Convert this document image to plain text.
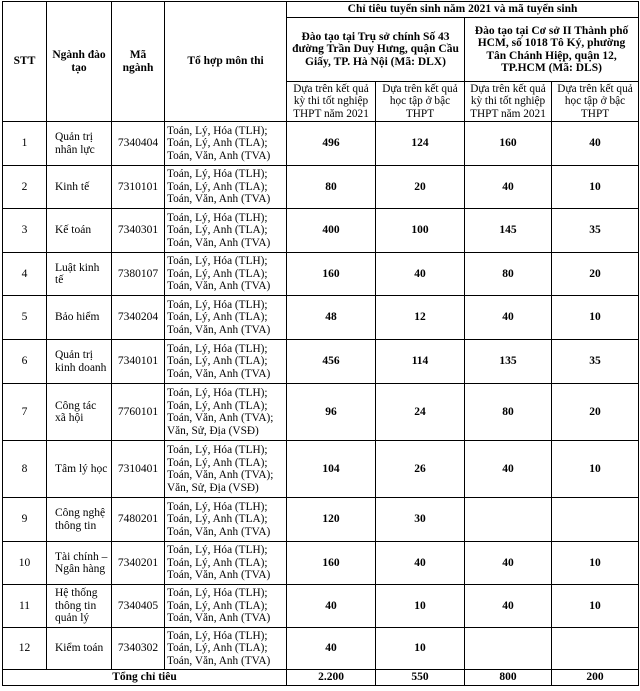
STT	Ngành đào tạo	Mã ngành	Tổ hợp môn thi	Chỉ tiêu tuyển sinh năm 2021 và mã tuyển sinh			
				Đào tạo tại Trụ sở chính Số 43 đường Trần Duy Hưng, quận Cầu Giấy, TP. Hà Nội (Mã: DLX)		Đào tạo tại Cơ sở II Thành phố HCM, số 1018 Tô Ký, phường Tân Chánh Hiệp, quận 12, TP.HCM (Mã: DLS)	
				Dựa trên kết quả kỳ thi tốt nghiệp THPT năm 2021	Dựa trên kết quả học tập ở bậc THPT	Dựa trên kết quả kỳ thi tốt nghiệp THPT năm 2021	Dựa trên kết quả học tập ở bậc THPT
1	Quản trị nhân lực	7340404	Toán, Lý, Hóa (TLH);
Toán, Lý, Anh (TLA);
Toán, Văn, Anh (TVA)	496	124	160	40
2	Kinh tế	7310101	Toán, Lý, Hóa (TLH);
Toán, Lý, Anh (TLA);
Toán, Văn, Anh (TVA)	80	20	40	10
3	Kế toán	7340301	Toán, Lý, Hóa (TLH);
Toán, Lý, Anh (TLA);
Toán, Văn, Anh (TVA)	400	100	145	35
4	Luật kinh tế	7380107	Toán, Lý, Hóa (TLH);
Toán, Lý, Anh (TLA);
Toán, Văn, Anh (TVA)	160	40	80	20
5	Bảo hiểm	7340204	Toán, Lý, Hóa (TLH);
Toán, Lý, Anh (TLA);
Toán, Văn, Anh (TVA)	48	12	40	10
6	Quản trị kinh doanh	7340101	Toán, Lý, Hóa (TLH);
Toán, Lý, Anh (TLA);
Toán, Văn, Anh (TVA)	456	114	135	35
7	Công tác xã hội	7760101	Toán, Lý, Hóa (TLH);
Toán, Lý, Anh (TLA);
Toán, Văn, Anh (TVA);
Văn, Sử, Địa (VSĐ)	96	24	80	20
8	Tâm lý học	7310401	Toán, Lý, Hóa (TLH);
Toán, Lý, Anh (TLA);
Toán, Văn, Anh (TVA);
Văn, Sử, Địa (VSĐ)	104	26	40	10
9	Công nghệ thông tin	7480201	Toán, Lý, Hóa (TLH);
Toán, Lý, Anh (TLA);
Toán, Văn, Anh (TVA)	120	30		
10	Tài chính – Ngân hàng	7340201	Toán, Lý, Hóa (TLH);
Toán, Lý, Anh (TLA);
Toán, Văn, Anh (TVA)	160	40	40	10
11	Hệ thống thông tin quản lý	7340405	Toán, Lý, Hóa (TLH);
Toán, Lý, Anh (TLA);
Toán, Văn, Anh (TVA)	40	10	40	10
12	Kiểm toán	7340302	Toán, Lý, Hóa (TLH);
Toán, Lý, Anh (TLA);
Toán, Văn, Anh (TVA)	40	10		
Tổng chỉ tiêu				2.200	550	800	200
